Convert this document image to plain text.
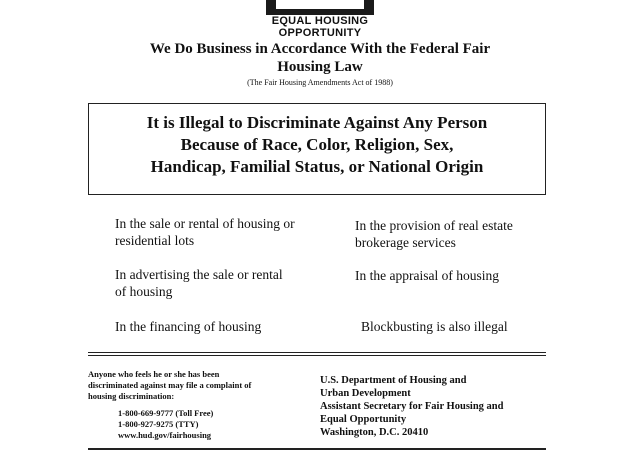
EQUAL HOUSING
OPPORTUNITY
We Do Business in Accordance With the Federal Fair
Housing Law
(The Fair Housing Amendments Act of 1988)
It is Illegal to Discriminate Against Any Person
Because of Race, Color, Religion, Sex,
Handicap, Familial Status, or National Origin
In the sale or rental of housing or
residential lots
In advertising the sale or rental
of housing
In the financing of housing
In the provision of real estate
brokerage services
In the appraisal of housing
Blockbusting is also illegal
Anyone who feels he or she has been
discriminated against may file a complaint of
housing discrimination:
1-800-669-9777 (Toll Free)
1-800-927-9275 (TTY)
www.hud.gov/fairhousing
U.S. Department of Housing and
Urban Development
Assistant Secretary for Fair Housing and
Equal Opportunity
Washington, D.C. 20410
